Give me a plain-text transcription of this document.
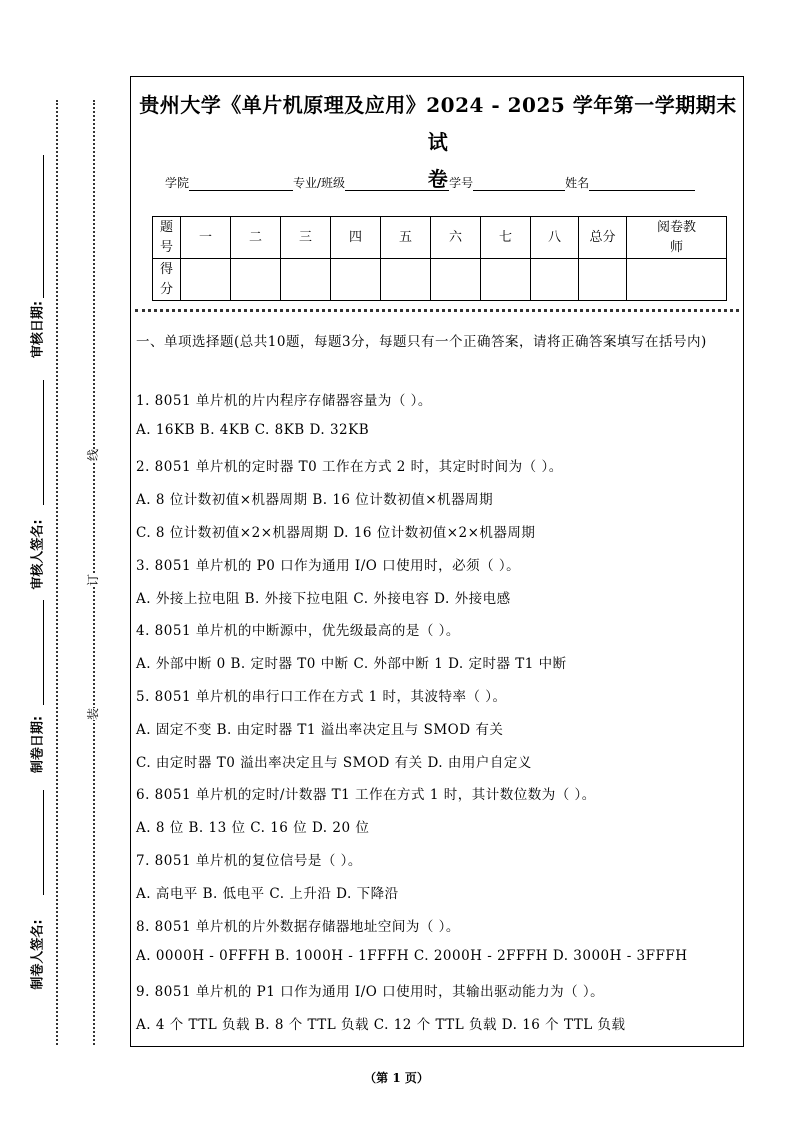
审核日期:
审核人签名:
制卷日期:
制卷人签名:
线
订
装
贵州大学《单片机原理及应用》2024 - 2025 学年第一学期期末试
卷
学院	专业/班级	学号	姓名
题号	一	二	三	四	五	六	七	八	总分	阅卷教师
得分										
一、单项选择题(总共10题，每题3分，每题只有一个正确答案，请将正确答案填写在括号内)
1. 8051 单片机的片内程序存储器容量为（ ）。
A. 16KB B. 4KB C. 8KB D. 32KB
2. 8051 单片机的定时器 T0 工作在方式 2 时，其定时时间为（ ）。
A. 8 位计数初值×机器周期 B. 16 位计数初值×机器周期
C. 8 位计数初值×2×机器周期 D. 16 位计数初值×2×机器周期
3. 8051 单片机的 P0 口作为通用 I/O 口使用时，必须（ ）。
A. 外接上拉电阻 B. 外接下拉电阻 C. 外接电容 D. 外接电感
4. 8051 单片机的中断源中，优先级最高的是（ ）。
A. 外部中断 0 B. 定时器 T0 中断 C. 外部中断 1 D. 定时器 T1 中断
5. 8051 单片机的串行口工作在方式 1 时，其波特率（ ）。
A. 固定不变 B. 由定时器 T1 溢出率决定且与 SMOD 有关
C. 由定时器 T0 溢出率决定且与 SMOD 有关 D. 由用户自定义
6. 8051 单片机的定时/计数器 T1 工作在方式 1 时，其计数位数为（ ）。
A. 8 位 B. 13 位 C. 16 位 D. 20 位
7. 8051 单片机的复位信号是（ ）。
A. 高电平 B. 低电平 C. 上升沿 D. 下降沿
8. 8051 单片机的片外数据存储器地址空间为（ ）。
A. 0000H - 0FFFH B. 1000H - 1FFFH C. 2000H - 2FFFH D. 3000H - 3FFFH
9. 8051 单片机的 P1 口作为通用 I/O 口使用时，其输出驱动能力为（ ）。
A. 4 个 TTL 负载 B. 8 个 TTL 负载 C. 12 个 TTL 负载 D. 16 个 TTL 负载
（第 1 页）
